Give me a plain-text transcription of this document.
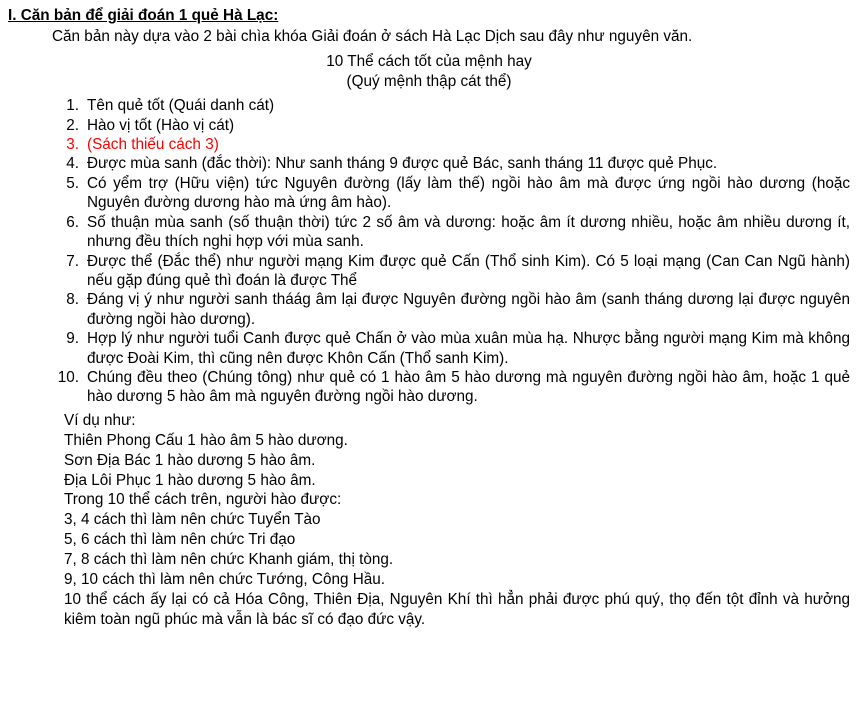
I. Căn bản để giải đoán 1 quẻ Hà Lạc:
Căn bản này dựa vào 2 bài chìa khóa Giải đoán ở sách Hà Lạc Dịch sau đây như nguyên văn.
10 Thể cách tốt của mệnh hay
(Quý mệnh thập cát thể)
1. Tên quẻ tốt (Quái danh cát)
2. Hào vị tốt (Hào vị cát)
3. (Sách thiếu cách 3)
4. Được mùa sanh (đắc thời): Như sanh tháng 9 được quẻ Bác, sanh tháng 11 được quẻ Phục.
5. Có yểm trợ (Hữu viện) tức Nguyên đường (lấy làm thế) ngồi hào âm mà được ứng ngồi hào dương (hoặc Nguyên đường dương hào mà ứng âm hào).
6. Số thuận mùa sanh (số thuận thời) tức 2 số âm và dương: hoặc âm ít dương nhiều, hoặc âm nhiều dương ít, nhưng đều thích nghi hợp với mùa sanh.
7. Được thể (Đắc thể) như người mạng Kim được quẻ Cấn (Thổ sinh Kim). Có 5 loại mạng (Can Can Ngũ hành) nếu gặp đúng quẻ thì đoán là được Thể
8. Đáng vị ý như người sanh tháág âm lại được Nguyên đường ngồi hào âm (sanh tháng dương lại được nguyên đường ngồi hào dương).
9. Hợp lý như người tuổi Canh được quẻ Chấn ở vào mùa xuân mùa hạ. Nhược bằng người mạng Kim mà không được Đoài Kim, thì cũng nên được Khôn Cấn (Thổ sanh Kim).
10. Chúng đều theo (Chúng tông) như quẻ có 1 hào âm 5 hào dương mà nguyên đường ngồi hào âm, hoặc 1 quẻ hào dương 5 hào âm mà nguyên đường ngồi hào dương.
Ví dụ như:
Thiên Phong Cấu 1 hào âm 5 hào dương.
Sơn Địa Bác 1 hào dương 5 hào âm.
Địa Lôi Phục 1 hào dương 5 hào âm.
Trong 10 thể cách trên, người hào được:
3, 4 cách thì làm nên chức Tuyển Tào
5, 6 cách thì làm nên chức Tri đạo
7, 8 cách thì làm nên chức Khanh giám, thị tòng.
9, 10 cách thì làm nên chức Tướng, Công Hầu.
10 thể cách ấy lại có cả Hóa Công, Thiên Địa, Nguyên Khí thì hẳn phải được phú quý, thọ đến tột đỉnh và hưởng kiêm toàn ngũ phúc mà vẫn là bác sĩ có đạo đức vậy.
